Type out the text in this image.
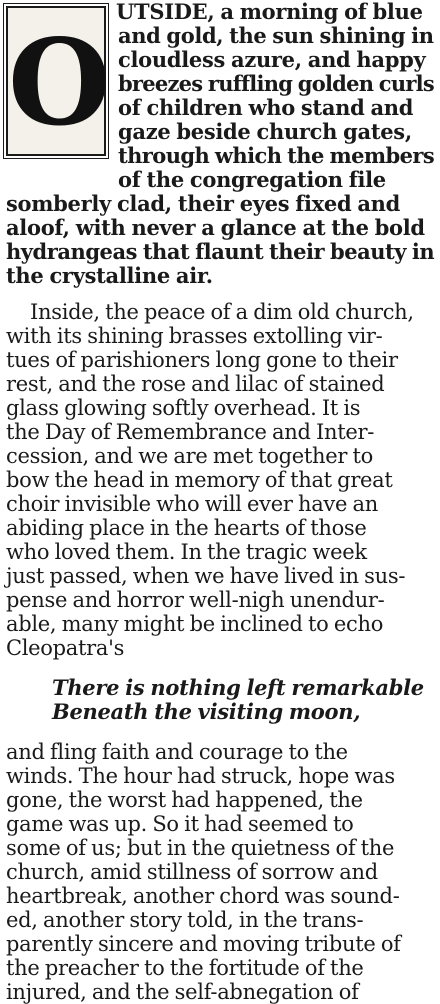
O
UTSIDE, a morning of blue
and gold, the sun shining in
cloudless azure, and happy
breezes ruffling golden curls
of children who stand and
gaze beside church gates,
through which the members
of the congregation file
somberly clad, their eyes fixed and
aloof, with never a glance at the bold
hydrangeas that flaunt their beauty in
the crystalline air.
Inside, the peace of a dim old church,
with its shining brasses extolling vir-
tues of parishioners long gone to their
rest, and the rose and lilac of stained
glass glowing softly overhead. It is
the Day of Remembrance and Inter-
cession, and we are met together to
bow the head in memory of that great
choir invisible who will ever have an
abiding place in the hearts of those
who loved them. In the tragic week
just passed, when we have lived in sus-
pense and horror well-nigh unendur-
able, many might be inclined to echo
Cleopatra's
There is nothing left remarkable
Beneath the visiting moon,
and fling faith and courage to the
winds. The hour had struck, hope was
gone, the worst had happened, the
game was up. So it had seemed to
some of us; but in the quietness of the
church, amid stillness of sorrow and
heartbreak, another chord was sound-
ed, another story told, in the trans-
parently sincere and moving tribute of
the preacher to the fortitude of the
injured, and the self-abnegation of
